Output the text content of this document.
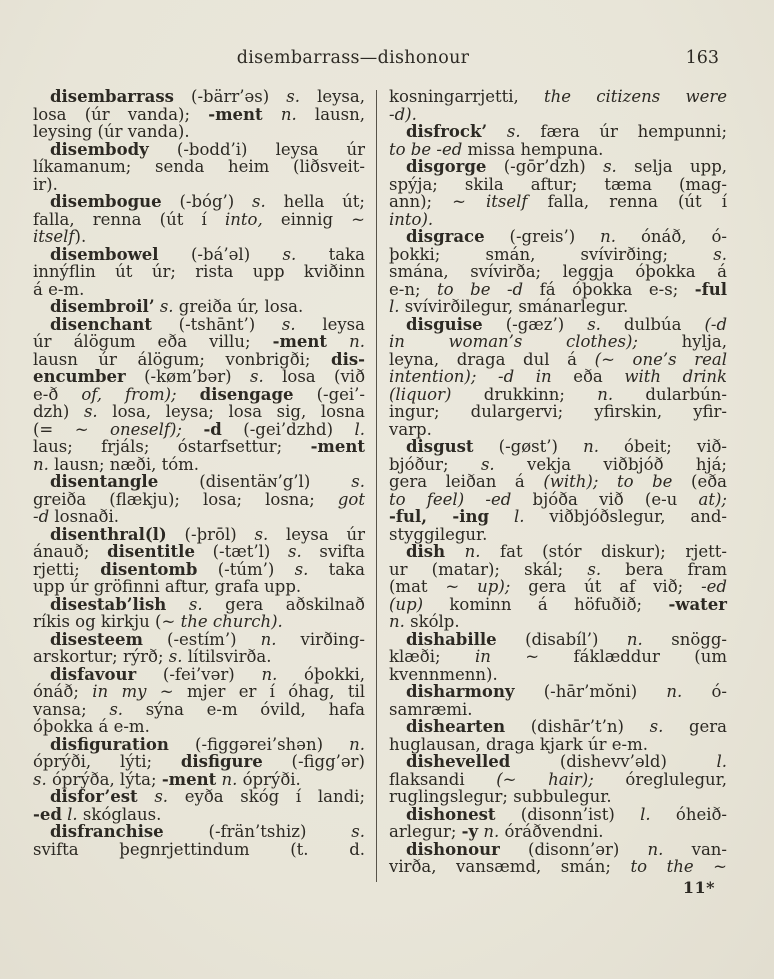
disembarrass—dishonour	163
disembarrass (-bärr’əs) s. leysa,
losa (úr vanda); -ment n. lausn,
leysing (úr vanda).
disembody (-bodd’i) leysa úr
líkamanum; senda heim (liðsveit-
ir).
disembogue (-bóg’) s. hella út;
falla, renna (út í into, einnig ~
itself).
disembowel (-bá’əl) s. taka
innýflin út úr; rista upp kviðinn
á e-m.
disembroil’ s. greiða úr, losa.
disenchant (-tshānt’) s. leysa
úr álögum eða villu; -ment n.
lausn úr álögum; vonbrigði; dis-
encumber (-køm’bər) s. losa (við
e-ð of, from); disengage (-gei’-
dzh) s. losa, leysa; losa sig, losna
(= ~ oneself); -d (-gei’dzhd) l.
laus; frjáls; óstarfsettur; -ment
n. lausn; næði, tóm.
disentangle (disentäɴ’g’l) s.
greiða (flækju); losa; losna; got
-d losnaði.
disenthral(l) (-þrōl) s. leysa úr
ánauð; disentitle (-tæt’l) s. svifta
rjetti; disentomb (-túm’) s. taka
upp úr gröfinni aftur, grafa upp.
disestab’lish s. gera aðskilnað
ríkis og kirkju (~ the church).
disesteem (-estím’) n. virðing-
arskortur; rýrð; s. lítilsvirða.
disfavour (-fei’vər) n. óþokki,
ónáð; in my ~ mjer er í óhag, til
vansa; s. sýna e-m óvild, hafa
óþokka á e-m.
disfiguration (-figgərei’shən) n.
óprýði, lýti; disfigure (-figg’ər)
s. óprýða, lýta; -ment n. óprýði.
disfor’est s. eyða skóg í landi;
-ed l. skóglaus.
disfranchise (-frän’tshiz) s.
svifta þegnrjettindum (t. d.
kosningarrjetti, the citizens were
-d).
disfrock’ s. færa úr hempunni;
to be -ed missa hempuna.
disgorge (-gōr’dzh) s. selja upp,
spýja; skila aftur; tæma (mag-
ann); ~ itself falla, renna (út í
into).
disgrace (-greis’) n. ónáð, ó-
þokki; smán, svívirðing; s.
smána, svívirða; leggja óþokka á
e-n; to be -d fá óþokka e-s; -ful
l. svívirðilegur, smánarlegur.
disguise (-gæz’) s. dulbúa (-d
in woman’s clothes); hylja,
leyna, draga dul á (~ one’s real
intention); -d in eða with drink
(liquor) drukkinn; n. dularbún-
ingur; dulargervi; yfirskin, yfir-
varp.
disgust (-gøst’) n. óbeit; við-
bjóður; s. vekja viðbjóð hjá;
gera leiðan á (with); to be (eða
to feel) -ed bjóða við (e-u at);
-ful, -ing l. viðbjóðslegur, and-
styggilegur.
dish n. fat (stór diskur); rjett-
ur (matar); skál; s. bera fram
(mat ~ up); gera út af við; -ed
(up) kominn á höfuðið; -water
n. skólp.
dishabille (disabíl’) n. snögg-
klæði; in ~ fáklæddur (um
kvennmenn).
disharmony (-hār’mŏni) n. ó-
samræmi.
dishearten (dishār’t’n) s. gera
huglausan, draga kjark úr e-m.
dishevelled (dishevv’əld) l.
flaksandi (~ hair); óreglulegur,
ruglingslegur; subbulegur.
dishonest (disonn’ist) l. óheið-
arlegur; -y n. óráðvendni.
dishonour (disonn’ər) n. van-
virða, vansæmd, smán; to the ~
11*
